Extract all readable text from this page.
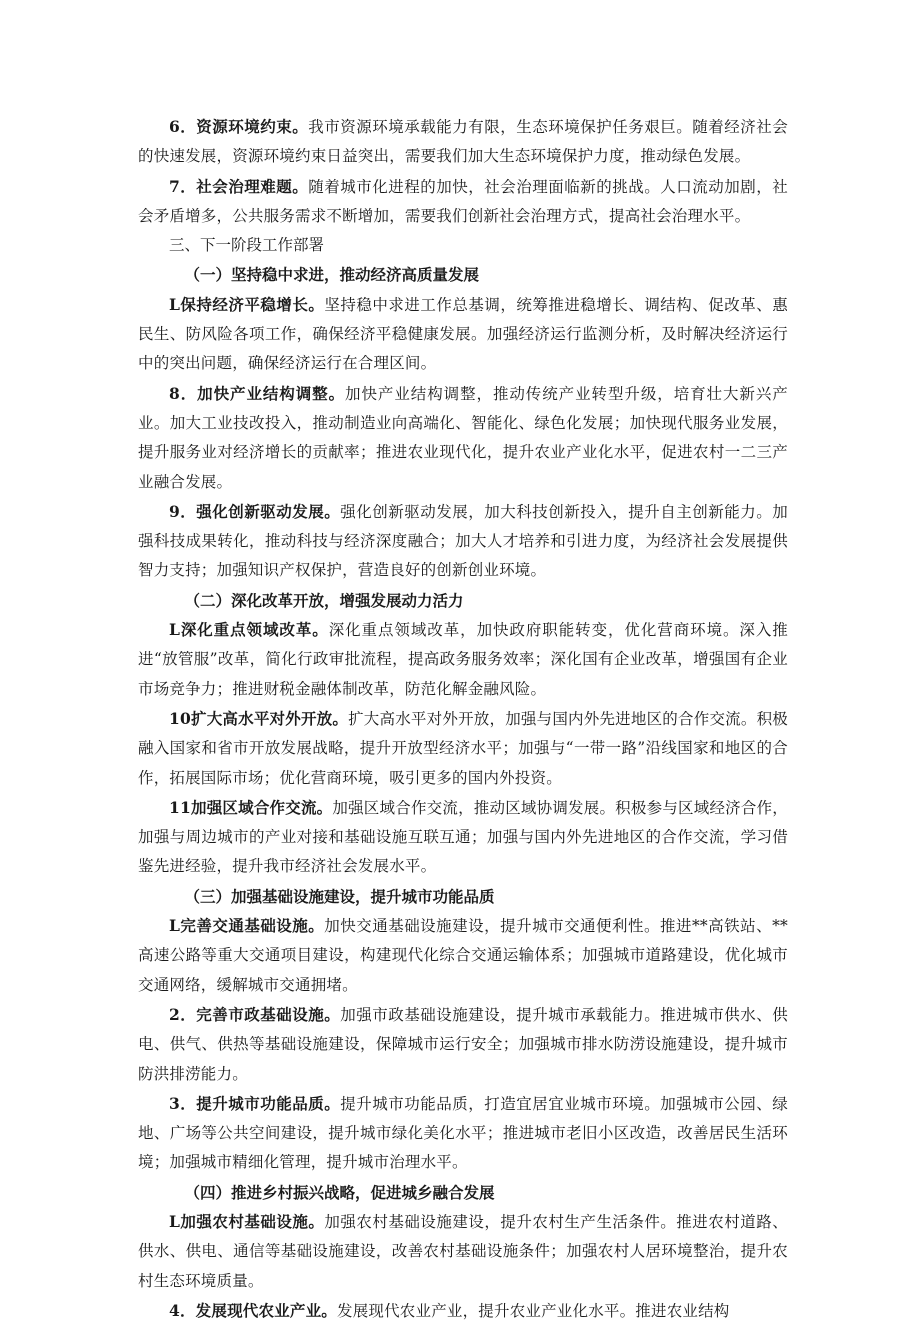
6．资源环境约束。我市资源环境承载能力有限，生态环境保护任务艰巨。随着经济社会的快速发展，资源环境约束日益突出，需要我们加大生态环境保护力度，推动绿色发展。

7．社会治理难题。随着城市化进程的加快，社会治理面临新的挑战。人口流动加剧，社会矛盾增多，公共服务需求不断增加，需要我们创新社会治理方式，提高社会治理水平。

三、下一阶段工作部署

（一）坚持稳中求进，推动经济高质量发展

L保持经济平稳增长。坚持稳中求进工作总基调，统筹推进稳增长、调结构、促改革、惠民生、防风险各项工作，确保经济平稳健康发展。加强经济运行监测分析，及时解决经济运行中的突出问题，确保经济运行在合理区间。

8．加快产业结构调整。加快产业结构调整，推动传统产业转型升级，培育壮大新兴产业。加大工业技改投入，推动制造业向高端化、智能化、绿色化发展；加快现代服务业发展，提升服务业对经济增长的贡献率；推进农业现代化，提升农业产业化水平，促进农村一二三产业融合发展。

9．强化创新驱动发展。强化创新驱动发展，加大科技创新投入，提升自主创新能力。加强科技成果转化，推动科技与经济深度融合；加大人才培养和引进力度，为经济社会发展提供智力支持；加强知识产权保护，营造良好的创新创业环境。

（二）深化改革开放，增强发展动力活力

L深化重点领域改革。深化重点领域改革，加快政府职能转变，优化营商环境。深入推进“放管服”改革，简化行政审批流程，提高政务服务效率；深化国有企业改革，增强国有企业市场竞争力；推进财税金融体制改革，防范化解金融风险。

10扩大高水平对外开放。扩大高水平对外开放，加强与国内外先进地区的合作交流。积极融入国家和省市开放发展战略，提升开放型经济水平；加强与“一带一路”沿线国家和地区的合作，拓展国际市场；优化营商环境，吸引更多的国内外投资。

11加强区域合作交流。加强区域合作交流，推动区域协调发展。积极参与区域经济合作，加强与周边城市的产业对接和基础设施互联互通；加强与国内外先进地区的合作交流，学习借鉴先进经验，提升我市经济社会发展水平。

（三）加强基础设施建设，提升城市功能品质

L完善交通基础设施。加快交通基础设施建设，提升城市交通便利性。推进**高铁站、**高速公路等重大交通项目建设，构建现代化综合交通运输体系；加强城市道路建设，优化城市交通网络，缓解城市交通拥堵。

2．完善市政基础设施。加强市政基础设施建设，提升城市承载能力。推进城市供水、供电、供气、供热等基础设施建设，保障城市运行安全；加强城市排水防涝设施建设，提升城市防洪排涝能力。

3．提升城市功能品质。提升城市功能品质，打造宜居宜业城市环境。加强城市公园、绿地、广场等公共空间建设，提升城市绿化美化水平；推进城市老旧小区改造，改善居民生活环境；加强城市精细化管理，提升城市治理水平。

（四）推进乡村振兴战略，促进城乡融合发展

L加强农村基础设施。加强农村基础设施建设，提升农村生产生活条件。推进农村道路、供水、供电、通信等基础设施建设，改善农村基础设施条件；加强农村人居环境整治，提升农村生态环境质量。

4．发展现代农业产业。发展现代农业产业，提升农业产业化水平。推进农业结构
